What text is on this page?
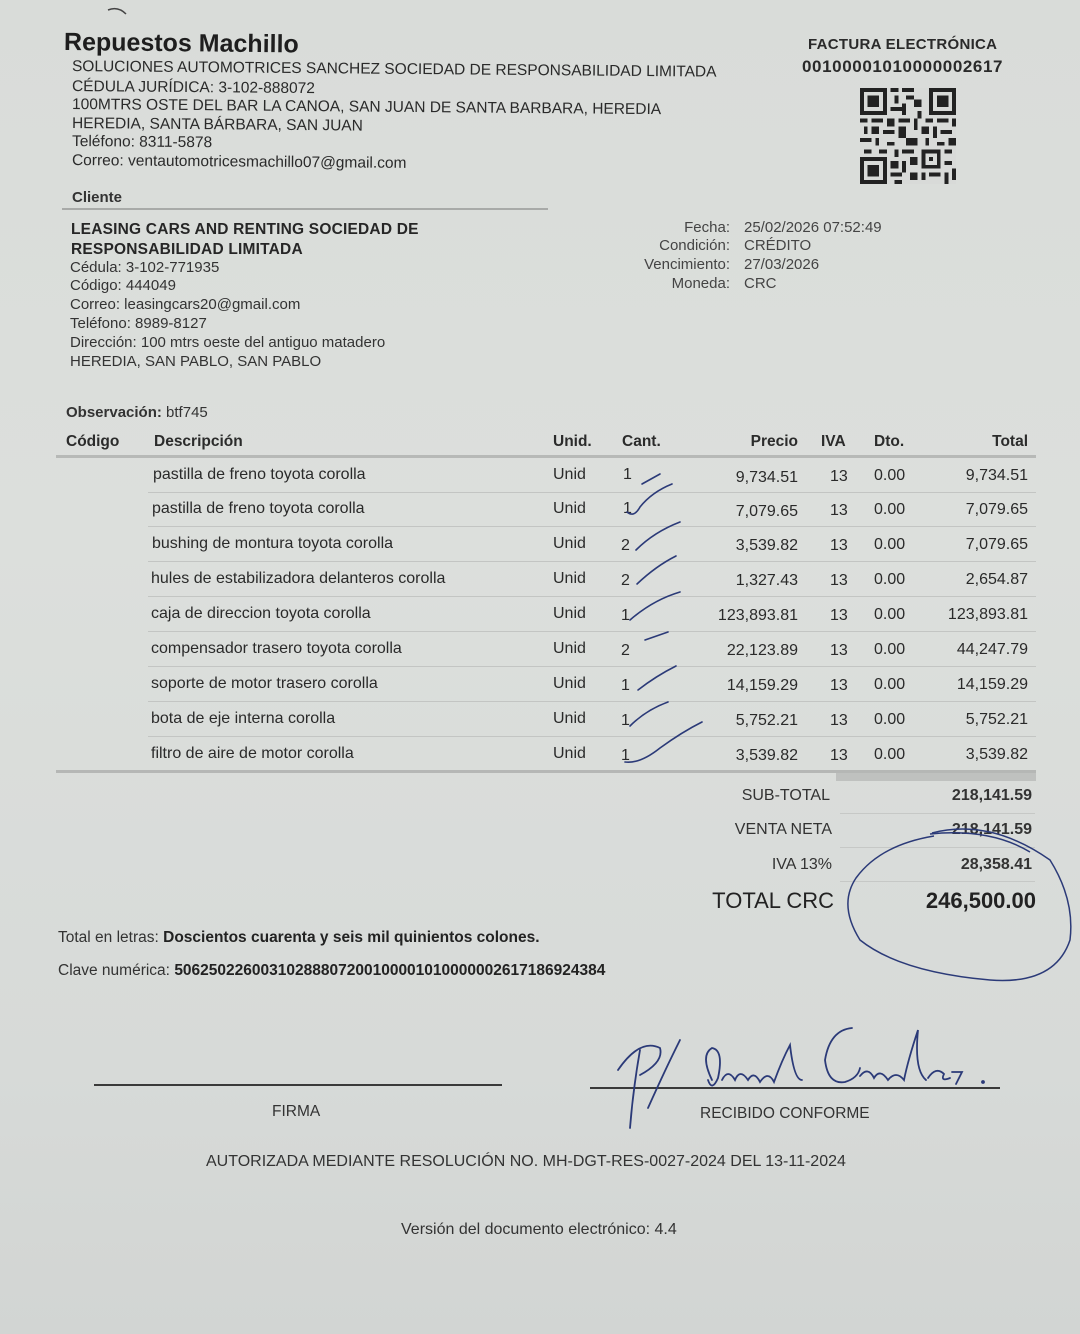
Repuestos Machillo
SOLUCIONES AUTOMOTRICES SANCHEZ SOCIEDAD DE RESPONSABILIDAD LIMITADA
CÉDULA JURÍDICA: 3-102-888072
100MTRS OSTE DEL BAR LA CANOA, SAN JUAN DE SANTA BARBARA, HEREDIA
HEREDIA, SANTA BÁRBARA, SAN JUAN
Teléfono: 8311-5878
Correo: ventautomotricesmachillo07@gmail.com
FACTURA ELECTRÓNICA
00100001010000002617
Cliente
LEASING CARS AND RENTING SOCIEDAD DE
RESPONSABILIDAD LIMITADA
Cédula: 3-102-771935
Código: 444049
Correo: leasingcars20@gmail.com
Teléfono: 8989-8127
Dirección: 100 mtrs oeste del antiguo matadero
HEREDIA, SAN PABLO, SAN PABLO
Fecha: 25/02/2026 07:52:49
Condición: CRÉDITO
Vencimiento: 27/03/2026
Moneda: CRC
Observación: btf745
Código Descripción	Unid. Cant.	Precio IVA Dto.	Total
pastilla de freno toyota corolla	Unid 1	9,734.51 13 0.00	9,734.51
pastilla de freno toyota corolla	Unid 1	7,079.65 13 0.00	7,079.65
bushing de montura toyota corolla	Unid 2	3,539.82 13 0.00	7,079.65
hules de estabilizadora delanteros corolla	Unid 2	1,327.43 13 0.00	2,654.87
caja de direccion toyota corolla	Unid 1	123,893.81 13 0.00	123,893.81
compensador trasero toyota corolla	Unid 2	22,123.89 13 0.00	44,247.79
soporte de motor trasero corolla	Unid 1	14,159.29 13 0.00	14,159.29
bota de eje interna corolla	Unid 1	5,752.21 13 0.00	5,752.21
filtro de aire de motor corolla	Unid 1	3,539.82 13 0.00	3,539.82
SUB-TOTAL	218,141.59
VENTA NETA	218,141.59
IVA 13%	28,358.41
TOTAL CRC	246,500.00
Total en letras: Doscientos cuarenta y seis mil quinientos colones.
Clave numérica: 50625022600310288807200100001010000002617186924384
FIRMA	RECIBIDO CONFORME
AUTORIZADA MEDIANTE RESOLUCIÓN NO. MH-DGT-RES-0027-2024 DEL 13-11-2024
Versión del documento electrónico: 4.4
